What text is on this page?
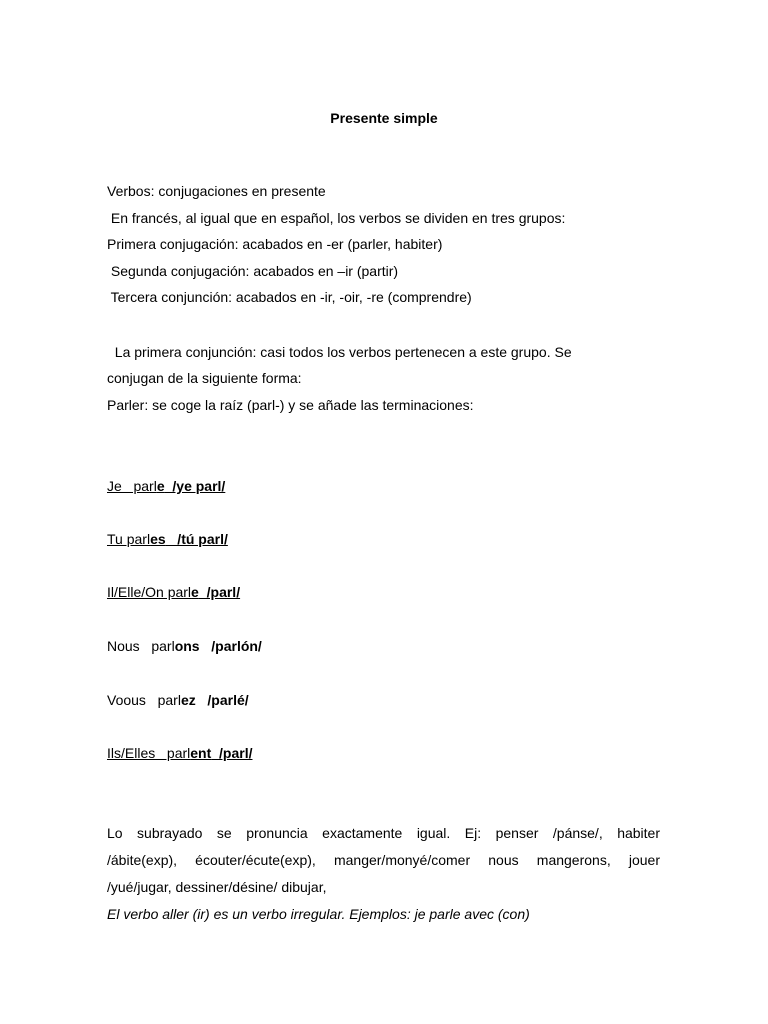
Presente simple
Verbos: conjugaciones en presente
En francés, al igual que en español, los verbos se dividen en tres grupos:
Primera conjugación: acabados en -er (parler, habiter)
Segunda conjugación: acabados en –ir (partir)
Tercera conjunción: acabados en -ir, -oir, -re (comprendre)
La primera conjunción: casi todos los verbos pertenecen a este grupo. Se
conjugan de la siguiente forma:
Parler: se coge la raíz (parl-) y se añade las terminaciones:
Je   parle  /ye parl/
Tu parles   /tú parl/
Il/Elle/On parle  /parl/
Nous   parlons   /parlón/
Voous   parlez   /parlé/
Ils/Elles   parlent  /parl/
Lo subrayado se pronuncia exactamente igual. Ej: penser /pánse/, habiter
/ábite(exp), écouter/écute(exp), manger/monyé/comer nous mangerons, jouer
/yué/jugar, dessiner/désine/ dibujar,
El verbo aller (ir) es un verbo irregular. Ejemplos: je parle avec (con)
